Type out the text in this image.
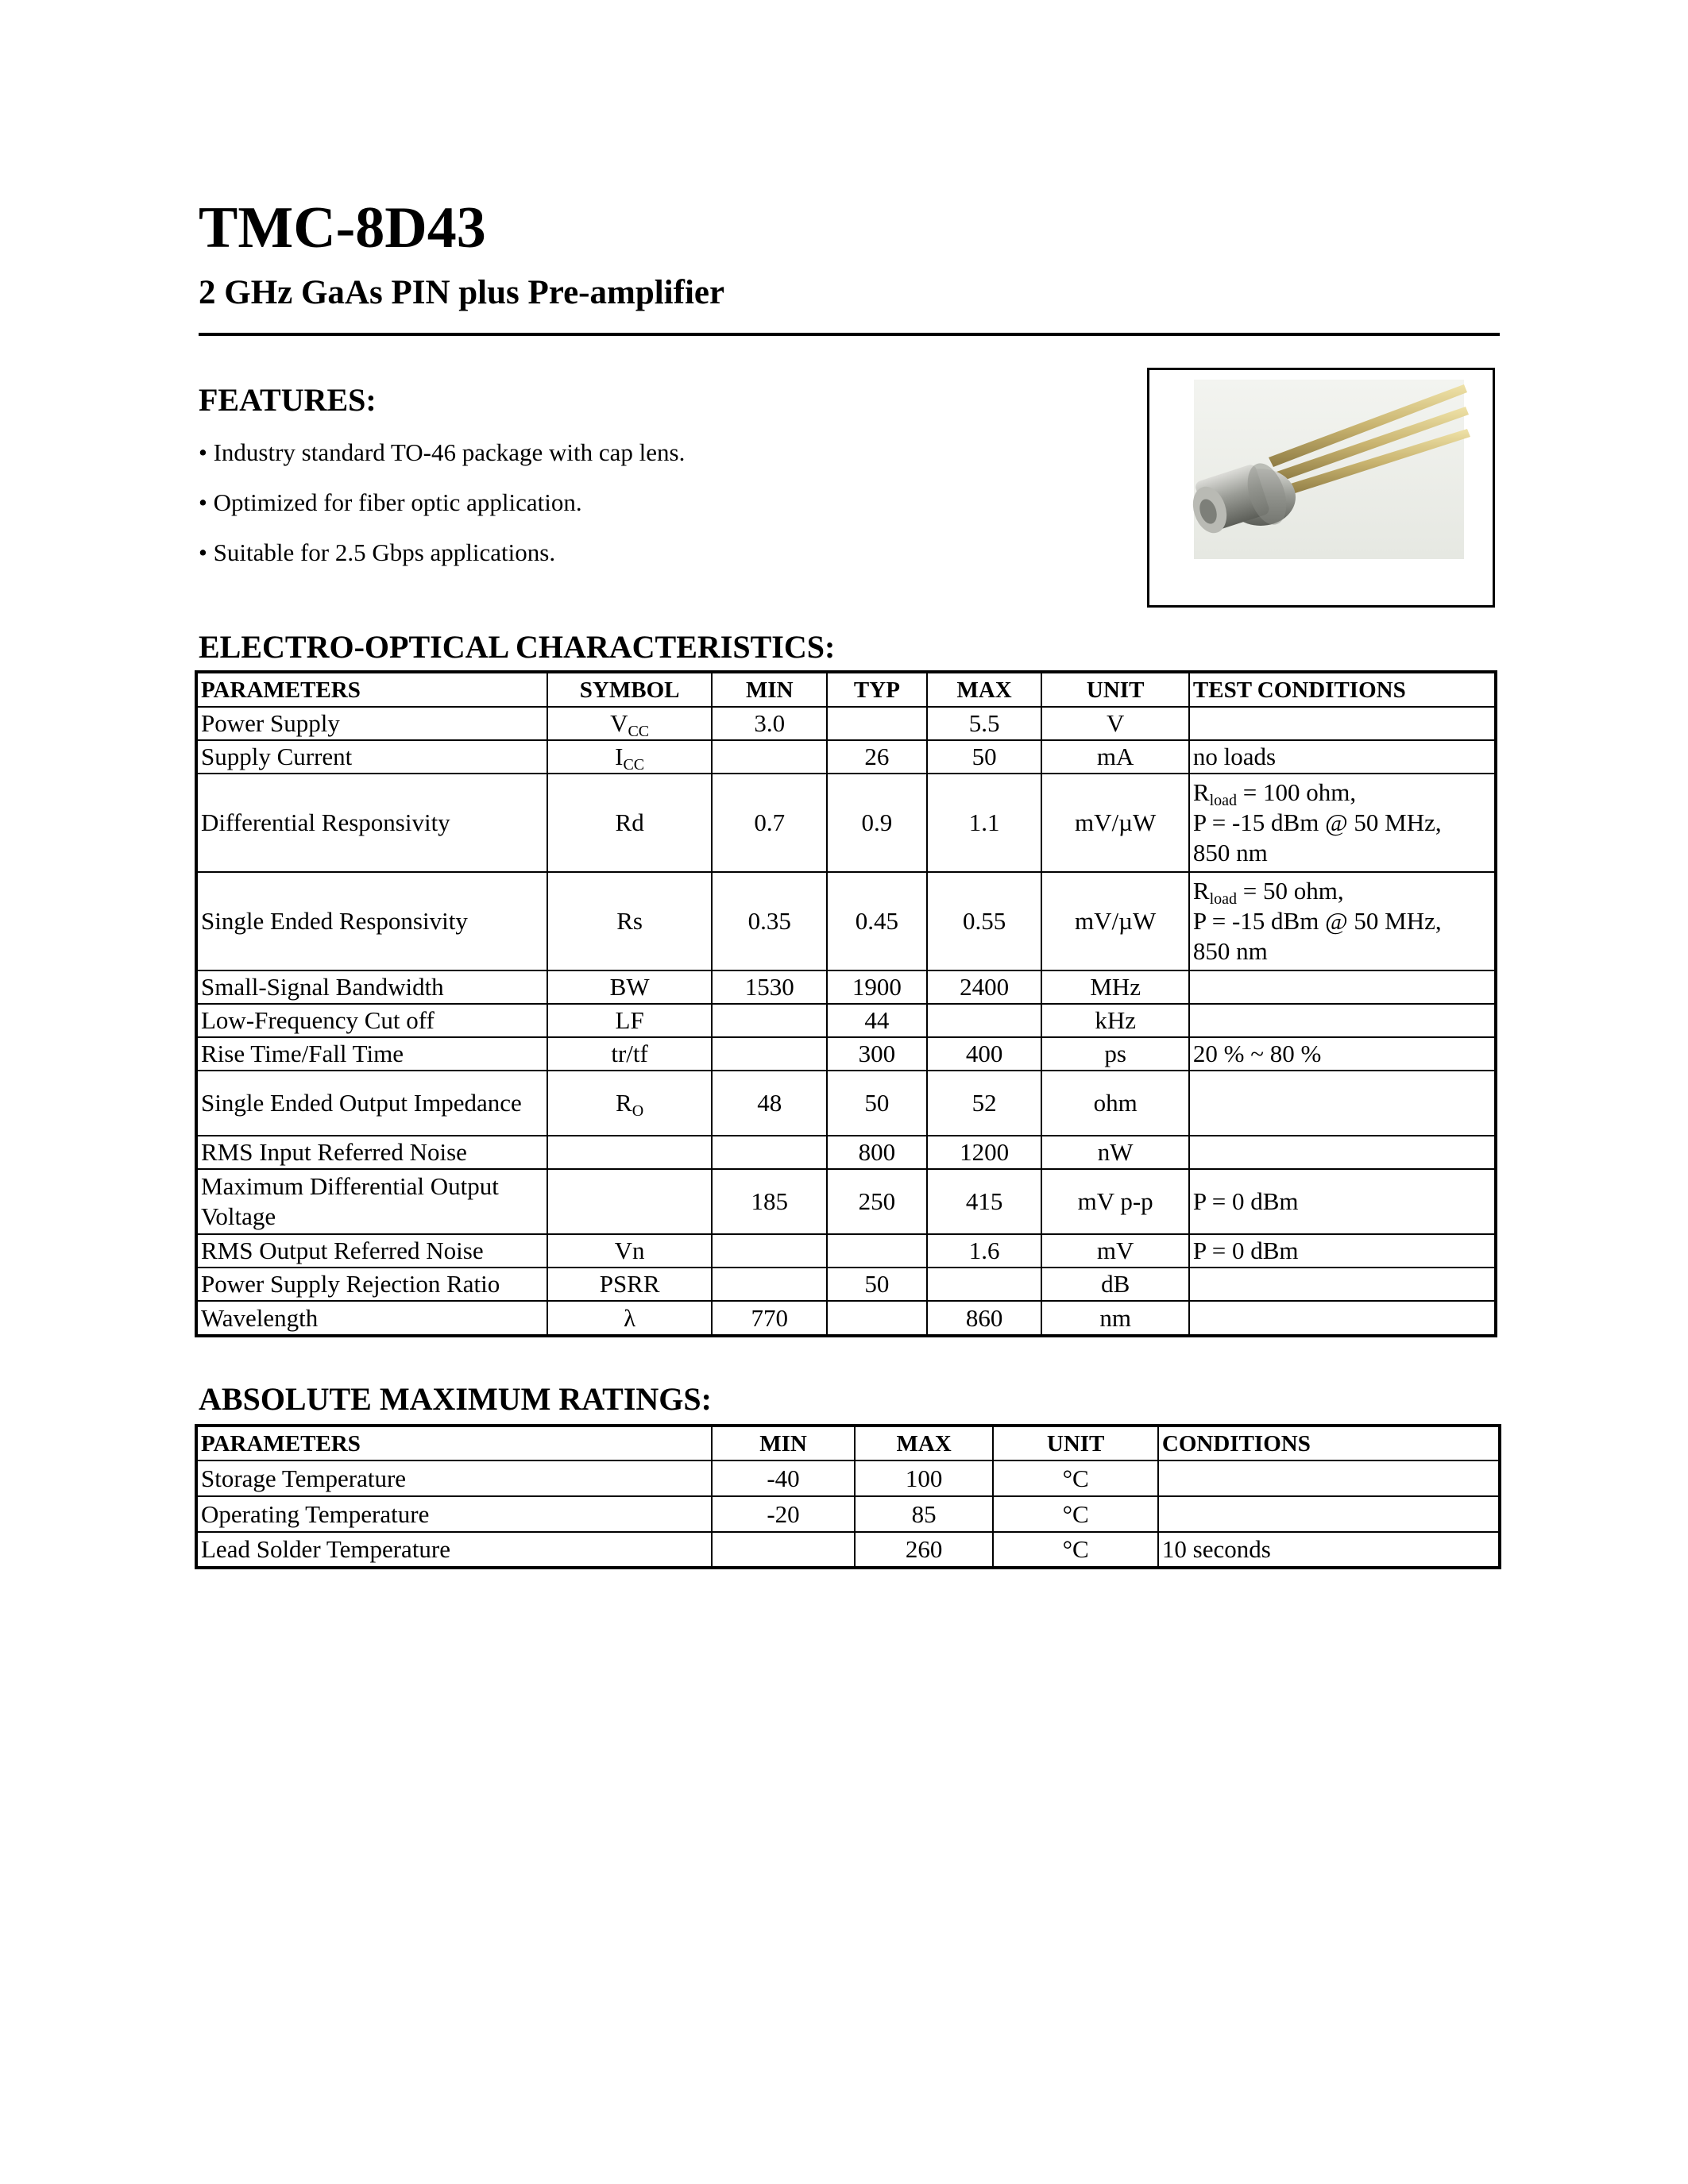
TMC-8D43
2 GHz GaAs PIN plus Pre-amplifier
FEATURES:
• Industry standard TO-46 package with cap lens.
• Optimized for fiber optic application.
• Suitable for 2.5 Gbps applications.
ELECTRO-OPTICAL CHARACTERISTICS:
PARAMETERS	SYMBOL	MIN	TYP	MAX	UNIT	TEST CONDITIONS
Power Supply	$V_{CC}$	3.0		5.5	V	
Supply Current	$I_{CC}$		26	50	mA	no loads
Differential Responsivity	Rd	0.7	0.9	1.1	mV/µW	$R_{load} = 100$ ohm,
P = -15 dBm @ 50 MHz,
850 nm

Single Ended Responsivity	Rs	0.35	0.45	0.55	mV/µW	$R_{load} = 50$ ohm,
P = -15 dBm @ 50 MHz,
850 nm

Small-Signal Bandwidth	BW	1530	1900	2400	MHz	
Low-Frequency Cut off	LF		44		kHz	
Rise Time/Fall Time	tr/tf		300	400	ps	20 % ~ 80 %
Single Ended Output Impedance	$R_O$	48	50	52	ohm	
RMS Input Referred Noise			800	1200	nW	
Maximum Differential Output Voltage		185	250	415	mV p-p	P = 0 dBm
RMS Output Referred Noise	Vn			1.6	mV	P = 0 dBm
Power Supply Rejection Ratio	PSRR		50		dB	
Wavelength	λ	770		860	nm	
ABSOLUTE MAXIMUM RATINGS:
PARAMETERS	MIN	MAX	UNIT	CONDITIONS
Storage Temperature	-40	100	°C	
Operating Temperature	-20	85	°C	
Lead Solder Temperature		260	°C	10 seconds
